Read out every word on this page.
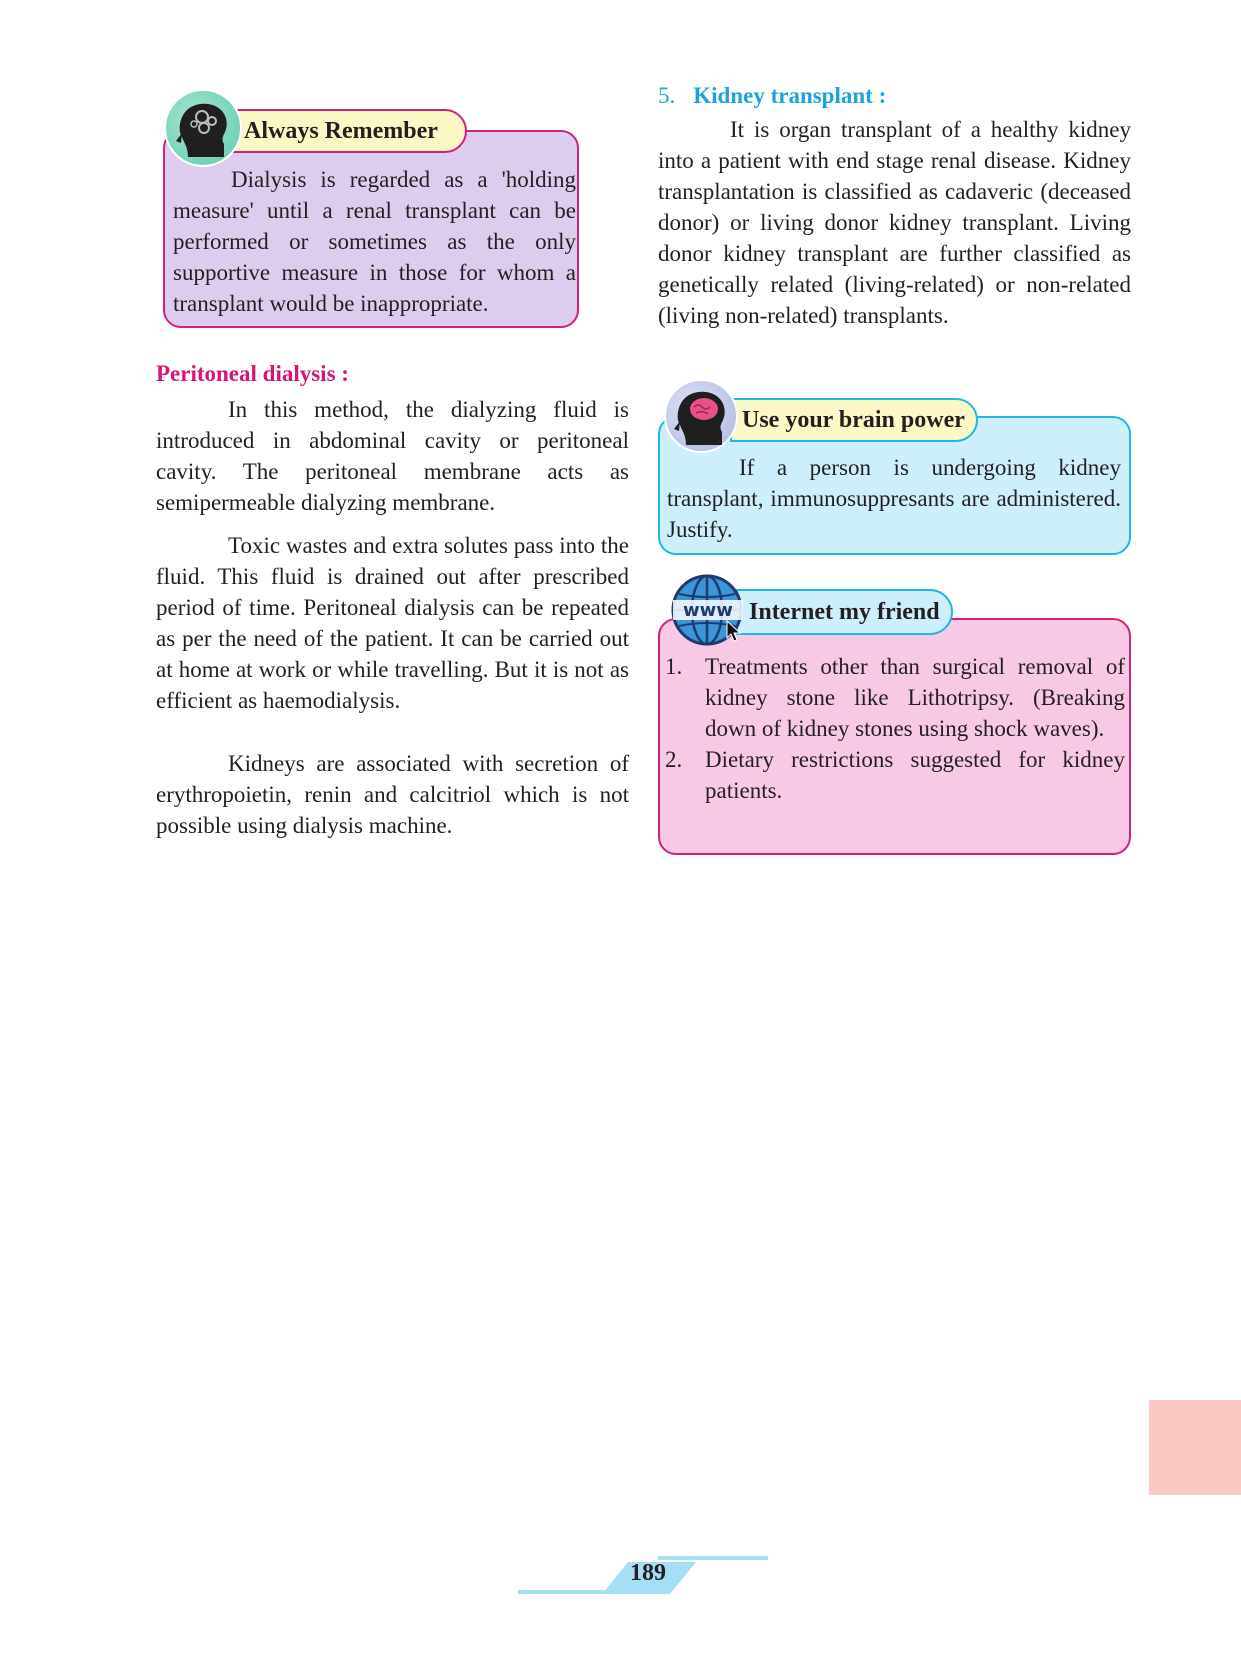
Dialysis is regarded as a 'holding measure' until a renal transplant can be performed or sometimes as the only supportive measure in those for whom a transplant would be inappropriate.

Always Remember
Peritoneal dialysis :

In this method, the dialyzing fluid is introduced in abdominal cavity or peritoneal cavity. The peritoneal membrane acts as semipermeable dialyzing membrane.

Toxic wastes and extra solutes pass into the fluid. This fluid is drained out after prescribed period of time. Peritoneal dialysis can be repeated as per the need of the patient. It can be carried out at home at work or while travelling. But it is not as efficient as haemodialysis.

Kidneys are associated with secretion of erythropoietin, renin and calcitriol which is not possible using dialysis machine.

5. Kidney transplant :

It is organ transplant of a healthy kidney into a patient with end stage renal disease. Kidney transplantation is classified as cadaveric (deceased donor) or living donor kidney transplant. Living donor kidney transplant are further classified as genetically related (living-related) or non-related (living non-related) transplants.

If a person is undergoing kidney transplant, immunosuppresants are administered. Justify.

Use your brain power
Internet my friend
www
1. Treatments other than surgical removal of kidney stone like Lithotripsy. (Breaking down of kidney stones using shock waves).
2. Dietary restrictions suggested for kidney patients.
189
